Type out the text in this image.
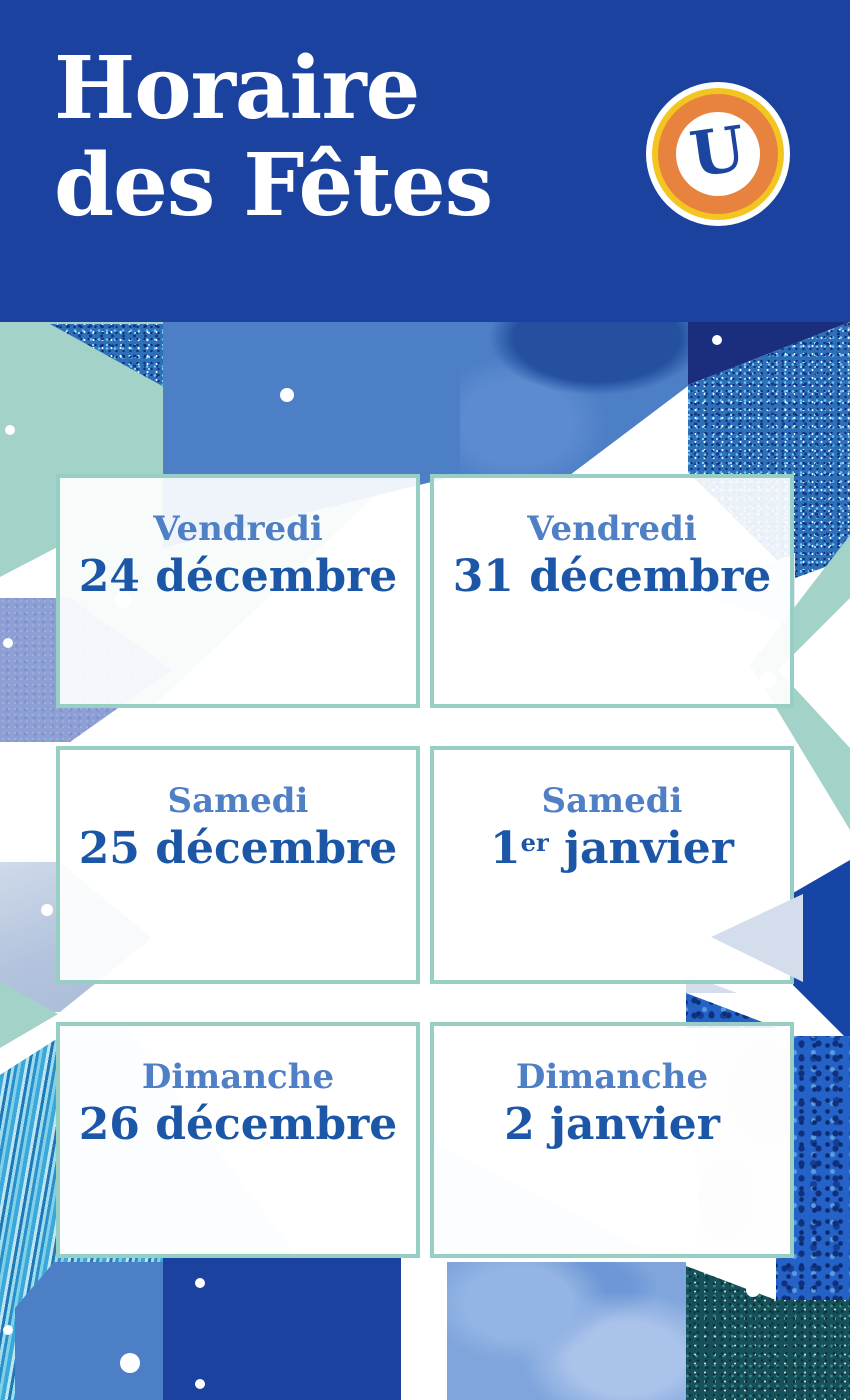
Vendredi
24 décembre
Vendredi
31 décembre
Samedi
25 décembre
Samedi
1er janvier
Dimanche
26 décembre
Dimanche
2 janvier
Horaire
des Fêtes	U
